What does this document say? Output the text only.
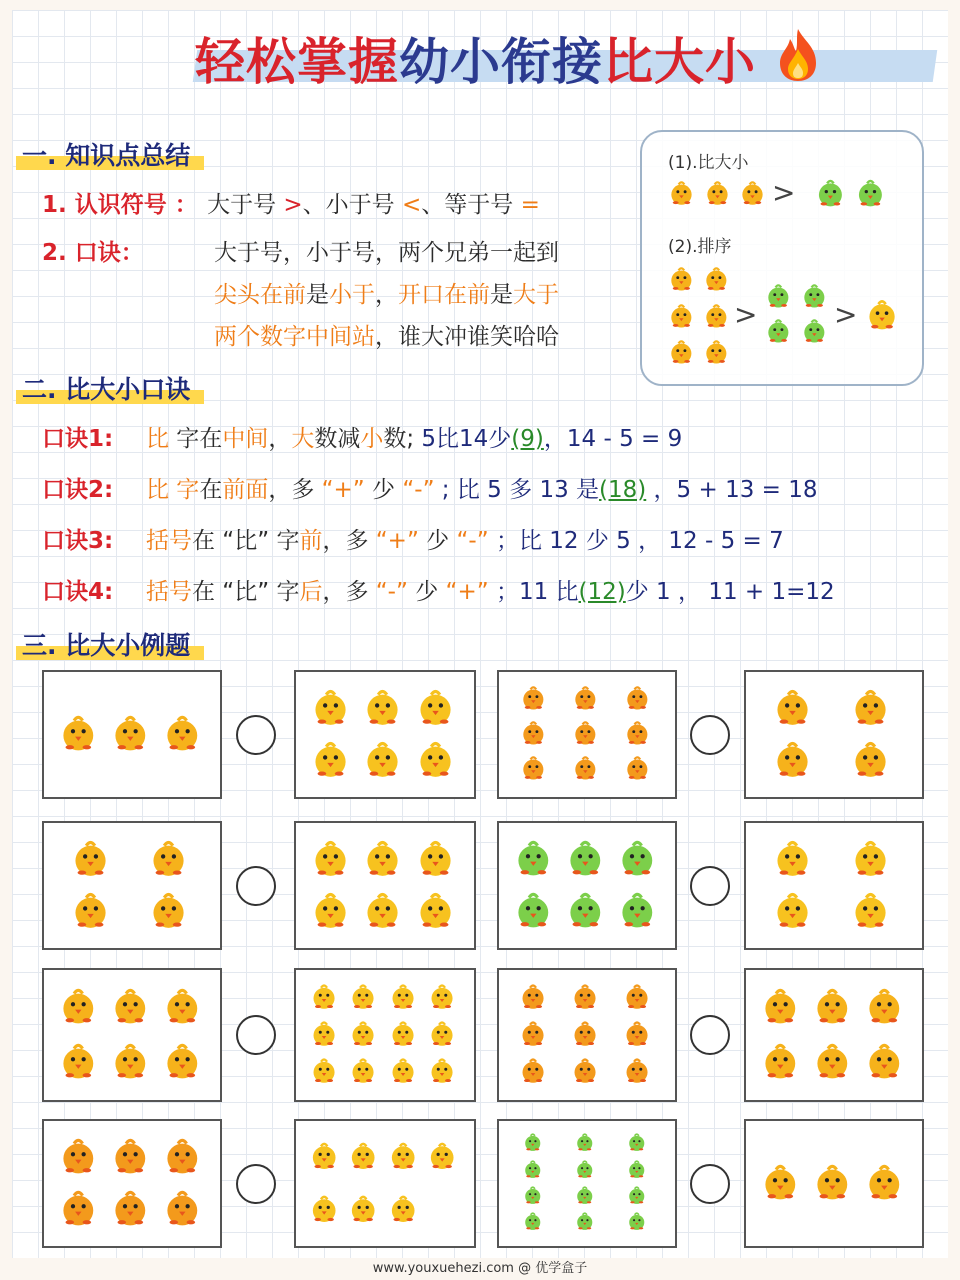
轻松掌握幼小衔接比大小
一. 知识点总结
1. 认识符号 ： 大于号 >、小于号 <、等于号 =
2. 口诀：	大于号，小于号，两个兄弟一起到
尖头在前是小于，开口在前是大于
两个数字中间站，谁大冲谁笑哈哈
(1).比大小
(2).排序
>
>	>
二. 比大小口诀
口诀1: 比 字在中间，大数减小数; 5比14少(9)，14 - 5 = 9
口诀2: 比 字在前面，多 “+” 少 “-” ; 比 5 多 13 是(18) ，5 + 13 = 18
口诀3: 括号在 “比” 字前，多 “+” 少 “-” ；比 12 少 5 ， 12 - 5 = 7
口诀4: 括号在 “比” 字后，多 “-” 少 “+” ；11 比(12)少 1 ， 11 + 1=12
三. 比大小例题
www.youxuehezi.com @ 优学盒子
